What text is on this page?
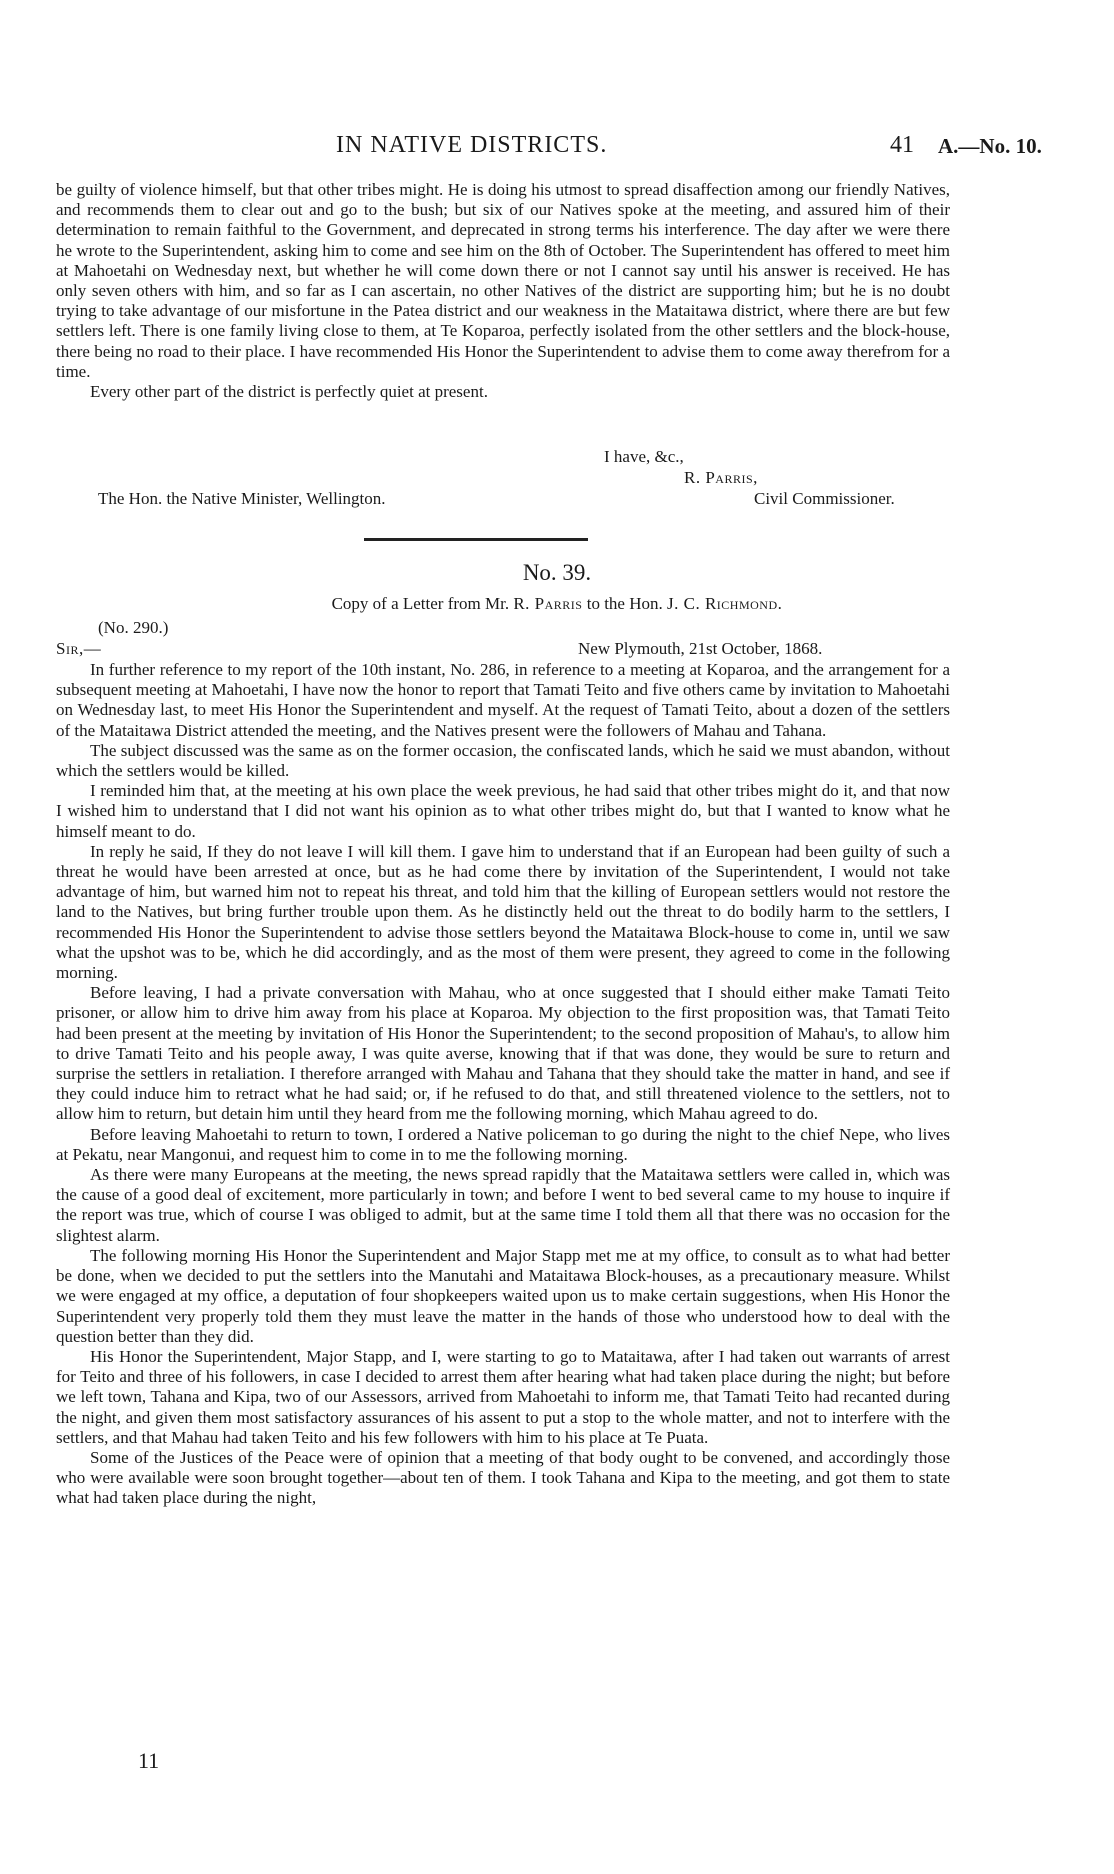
IN NATIVE DISTRICTS.	41 A.—No. 10.

be guilty of violence himself, but that other tribes might. He is doing his utmost to spread disaffection among our friendly Natives, and recommends them to clear out and go to the bush; but six of our Natives spoke at the meeting, and assured him of their determination to remain faithful to the Government, and deprecated in strong terms his interference. The day after we were there he wrote to the Superintendent, asking him to come and see him on the 8th of October. The Superintendent has offered to meet him at Mahoetahi on Wednesday next, but whether he will come down there or not I cannot say until his answer is received. He has only seven others with him, and so far as I can ascertain, no other Natives of the district are supporting him; but he is no doubt trying to take advantage of our misfortune in the Patea district and our weakness in the Mataitawa district, where there are but few settlers left. There is one family living close to them, at Te Koparoa, perfectly isolated from the other settlers and the block-house, there being no road to their place. I have recommended His Honor the Superintendent to advise them to come away therefrom for a time.

Every other part of the district is perfectly quiet at present.

I have, &c.,
R. Parris,
The Hon. the Native Minister, Wellington.	Civil Commissioner.
No. 39.
Copy of a Letter from Mr. R. Parris to the Hon. J. C. Richmond.
(No. 290.)
Sir,—	New Plymouth, 21st October, 1868.

In further reference to my report of the 10th instant, No. 286, in reference to a meeting at Koparoa, and the arrangement for a subsequent meeting at Mahoetahi, I have now the honor to report that Tamati Teito and five others came by invitation to Mahoetahi on Wednesday last, to meet His Honor the Superintendent and myself. At the request of Tamati Teito, about a dozen of the settlers of the Mataitawa District attended the meeting, and the Natives present were the followers of Mahau and Tahana.

The subject discussed was the same as on the former occasion, the confiscated lands, which he said we must abandon, without which the settlers would be killed.

I reminded him that, at the meeting at his own place the week previous, he had said that other tribes might do it, and that now I wished him to understand that I did not want his opinion as to what other tribes might do, but that I wanted to know what he himself meant to do.

In reply he said, If they do not leave I will kill them. I gave him to understand that if an European had been guilty of such a threat he would have been arrested at once, but as he had come there by invitation of the Superintendent, I would not take advantage of him, but warned him not to repeat his threat, and told him that the killing of European settlers would not restore the land to the Natives, but bring further trouble upon them. As he distinctly held out the threat to do bodily harm to the settlers, I recommended His Honor the Superintendent to advise those settlers beyond the Mataitawa Block-house to come in, until we saw what the upshot was to be, which he did accordingly, and as the most of them were present, they agreed to come in the following morning.

Before leaving, I had a private conversation with Mahau, who at once suggested that I should either make Tamati Teito prisoner, or allow him to drive him away from his place at Koparoa. My objection to the first proposition was, that Tamati Teito had been present at the meeting by invitation of His Honor the Superintendent; to the second proposition of Mahau's, to allow him to drive Tamati Teito and his people away, I was quite averse, knowing that if that was done, they would be sure to return and surprise the settlers in retaliation. I therefore arranged with Mahau and Tahana that they should take the matter in hand, and see if they could induce him to retract what he had said; or, if he refused to do that, and still threatened violence to the settlers, not to allow him to return, but detain him until they heard from me the following morning, which Mahau agreed to do.

Before leaving Mahoetahi to return to town, I ordered a Native policeman to go during the night to the chief Nepe, who lives at Pekatu, near Mangonui, and request him to come in to me the following morning.

As there were many Europeans at the meeting, the news spread rapidly that the Mataitawa settlers were called in, which was the cause of a good deal of excitement, more particularly in town; and before I went to bed several came to my house to inquire if the report was true, which of course I was obliged to admit, but at the same time I told them all that there was no occasion for the slightest alarm.

The following morning His Honor the Superintendent and Major Stapp met me at my office, to consult as to what had better be done, when we decided to put the settlers into the Manutahi and Mataitawa Block-houses, as a precautionary measure. Whilst we were engaged at my office, a deputation of four shopkeepers waited upon us to make certain suggestions, when His Honor the Superintendent very properly told them they must leave the matter in the hands of those who understood how to deal with the question better than they did.

His Honor the Superintendent, Major Stapp, and I, were starting to go to Mataitawa, after I had taken out warrants of arrest for Teito and three of his followers, in case I decided to arrest them after hearing what had taken place during the night; but before we left town, Tahana and Kipa, two of our Assessors, arrived from Mahoetahi to inform me, that Tamati Teito had recanted during the night, and given them most satisfactory assurances of his assent to put a stop to the whole matter, and not to interfere with the settlers, and that Mahau had taken Teito and his few followers with him to his place at Te Puata.

Some of the Justices of the Peace were of opinion that a meeting of that body ought to be convened, and accordingly those who were available were soon brought together—about ten of them. I took Tahana and Kipa to the meeting, and got them to state what had taken place during the night,

11
